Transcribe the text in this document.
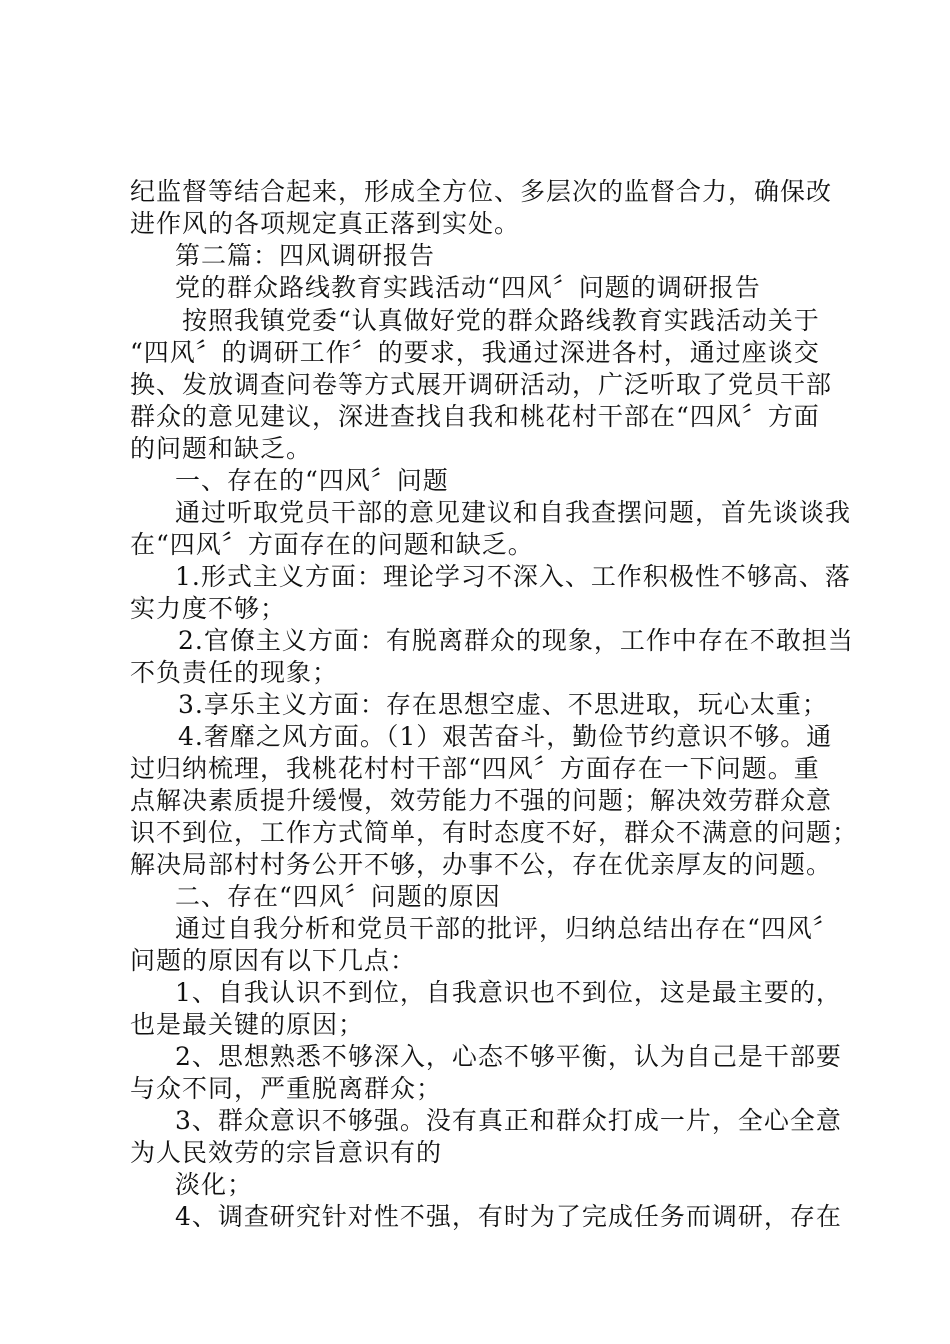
纪监督等结合起来，形成全方位、多层次的监督合力，确保改

进作风的各项规定真正落到实处。

第二篇：四风调研报告

党的群众路线教育实践活动“四风〞问题的调研报告

按照我镇党委“认真做好党的群众路线教育实践活动关于

“四风〞的调研工作〞的要求，我通过深进各村，通过座谈交

换、发放调查问卷等方式展开调研活动，广泛听取了党员干部

群众的意见建议，深进查找自我和桃花村干部在“四风〞方面

的问题和缺乏。

一、存在的“四风〞问题

通过听取党员干部的意见建议和自我查摆问题，首先谈谈我

在“四风〞方面存在的问题和缺乏。

1.形式主义方面：理论学习不深入、工作积极性不够高、落

实力度不够；

2.官僚主义方面：有脱离群众的现象，工作中存在不敢担当

不负责任的现象；

3.享乐主义方面：存在思想空虚、不思进取，玩心太重；

4.奢靡之风方面。（1）艰苦奋斗，勤俭节约意识不够。通

过归纳梳理，我桃花村村干部“四风〞方面存在一下问题。重

点解决素质提升缓慢，效劳能力不强的问题；解决效劳群众意

识不到位，工作方式简单，有时态度不好，群众不满意的问题；

解决局部村村务公开不够，办事不公，存在优亲厚友的问题。

二、存在“四风〞问题的原因

通过自我分析和党员干部的批评，归纳总结出存在“四风〞

问题的原因有以下几点：

1、自我认识不到位，自我意识也不到位，这是最主要的，

也是最关键的原因；

2、思想熟悉不够深入，心态不够平衡，认为自己是干部要

与众不同，严重脱离群众；

3、群众意识不够强。没有真正和群众打成一片，全心全意

为人民效劳的宗旨意识有的

淡化；

4、调查研究针对性不强，有时为了完成任务而调研，存在
